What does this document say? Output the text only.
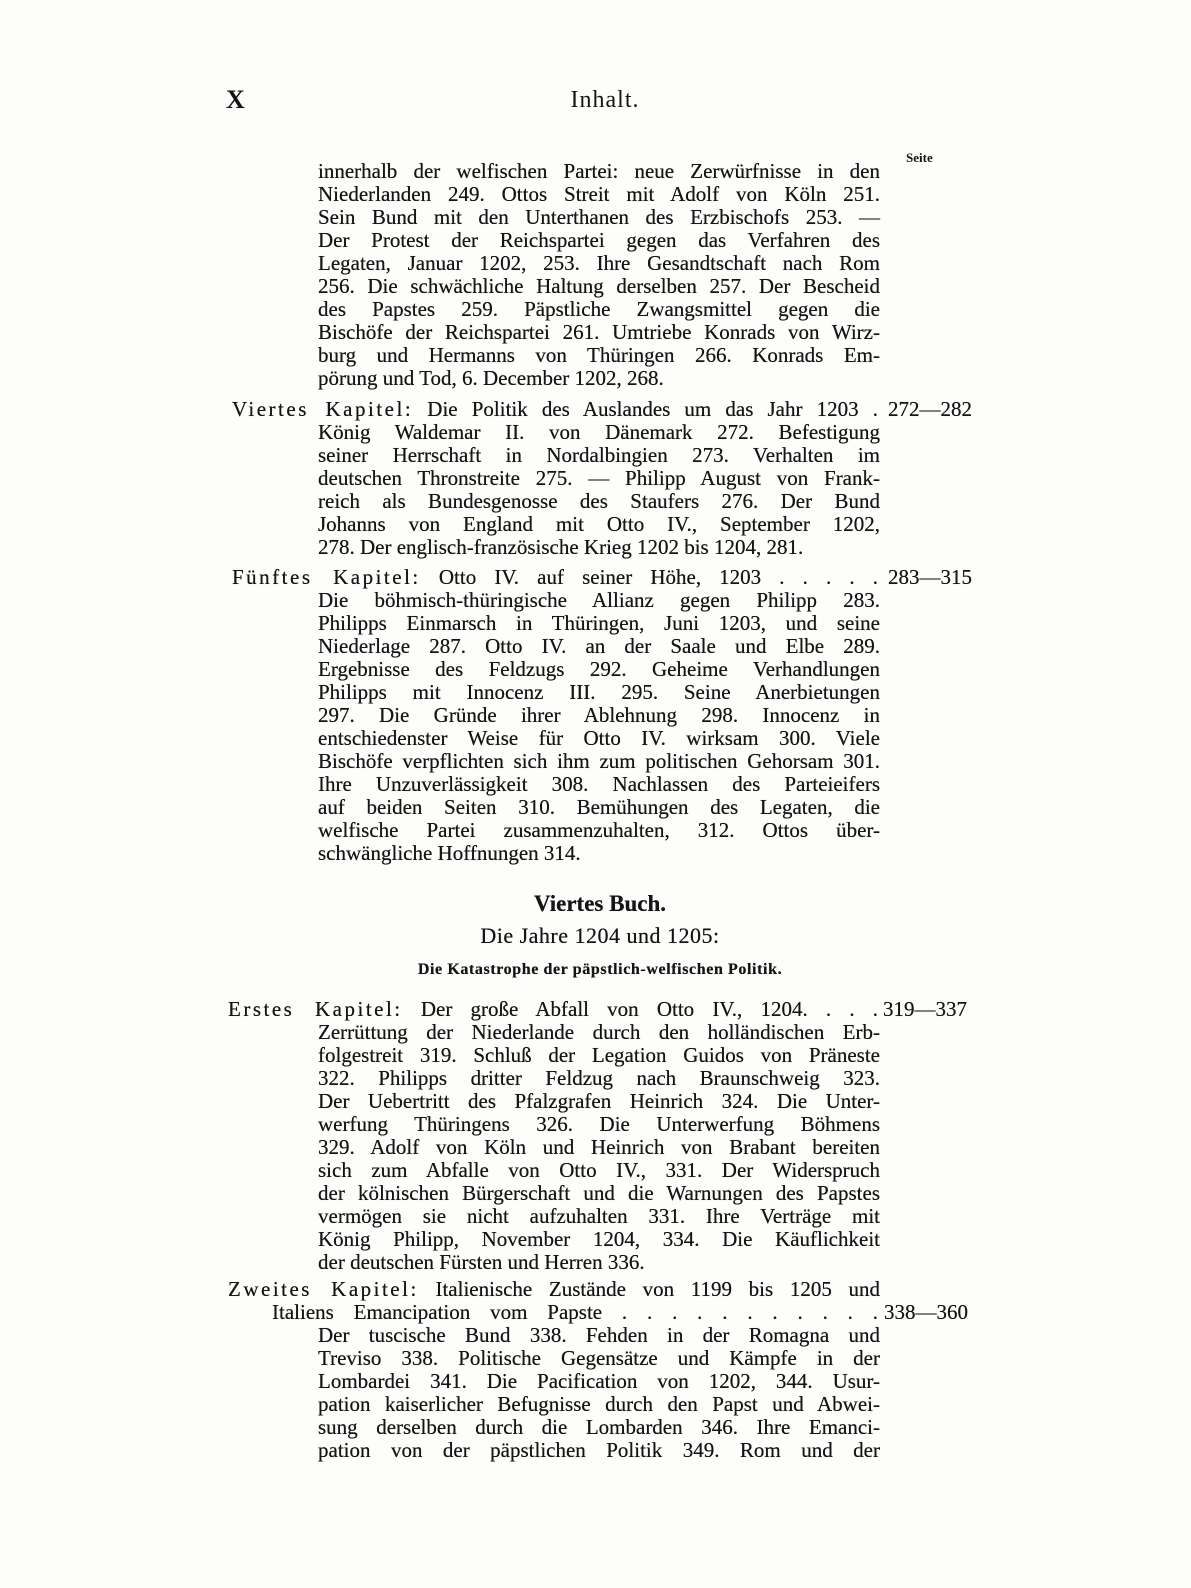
X	Inhalt.
Seite
innerhalb der welfischen Partei: neue Zerwürfnisse in den
Niederlanden 249. Ottos Streit mit Adolf von Köln 251.
Sein Bund mit den Unterthanen des Erzbischofs 253. —
Der Protest der Reichspartei gegen das Verfahren des
Legaten, Januar 1202, 253. Ihre Gesandtschaft nach Rom
256. Die schwächliche Haltung derselben 257. Der Bescheid
des Papstes 259. Päpstliche Zwangsmittel gegen die
Bischöfe der Reichspartei 261. Umtriebe Konrads von Wirz-
burg und Hermanns von Thüringen 266. Konrads Em-
pörung und Tod, 6. December 1202, 268.
272—282
Viertes Kapitel: Die Politik des Auslandes um das Jahr 1203 .
König Waldemar II. von Dänemark 272. Befestigung
seiner Herrschaft in Nordalbingien 273. Verhalten im
deutschen Thronstreite 275. — Philipp August von Frank-
reich als Bundesgenosse des Staufers 276. Der Bund
Johanns von England mit Otto IV., September 1202,
278. Der englisch-französische Krieg 1202 bis 1204, 281.
283—315
Fünftes Kapitel: Otto IV. auf seiner Höhe, 1203 . . . . .
Die böhmisch-thüringische Allianz gegen Philipp 283.
Philipps Einmarsch in Thüringen, Juni 1203, und seine
Niederlage 287. Otto IV. an der Saale und Elbe 289.
Ergebnisse des Feldzugs 292. Geheime Verhandlungen
Philipps mit Innocenz III. 295. Seine Anerbietungen
297. Die Gründe ihrer Ablehnung 298. Innocenz in
entschiedenster Weise für Otto IV. wirksam 300. Viele
Bischöfe verpflichten sich ihm zum politischen Gehorsam 301.
Ihre Unzuverlässigkeit 308. Nachlassen des Parteieifers
auf beiden Seiten 310. Bemühungen des Legaten, die
welfische Partei zusammenzuhalten, 312. Ottos über-
schwängliche Hoffnungen 314.
Viertes Buch.
Die Jahre 1204 und 1205:
Die Katastrophe der päpstlich-welfischen Politik.
319—337
Erstes Kapitel: Der große Abfall von Otto IV., 1204. . . .
Zerrüttung der Niederlande durch den holländischen Erb-
folgestreit 319. Schluß der Legation Guidos von Präneste
322. Philipps dritter Feldzug nach Braunschweig 323.
Der Uebertritt des Pfalzgrafen Heinrich 324. Die Unter-
werfung Thüringens 326. Die Unterwerfung Böhmens
329. Adolf von Köln und Heinrich von Brabant bereiten
sich zum Abfalle von Otto IV., 331. Der Widerspruch
der kölnischen Bürgerschaft und die Warnungen des Papstes
vermögen sie nicht aufzuhalten 331. Ihre Verträge mit
König Philipp, November 1204, 334. Die Käuflichkeit
der deutschen Fürsten und Herren 336.
Zweites Kapitel: Italienische Zustände von 1199 bis 1205 und
338—360
Italiens Emancipation vom Papste . . . . . . . . . . .
Der tuscische Bund 338. Fehden in der Romagna und
Treviso 338. Politische Gegensätze und Kämpfe in der
Lombardei 341. Die Pacification von 1202, 344. Usur-
pation kaiserlicher Befugnisse durch den Papst und Abwei-
sung derselben durch die Lombarden 346. Ihre Emanci-
pation von der päpstlichen Politik 349. Rom und der
